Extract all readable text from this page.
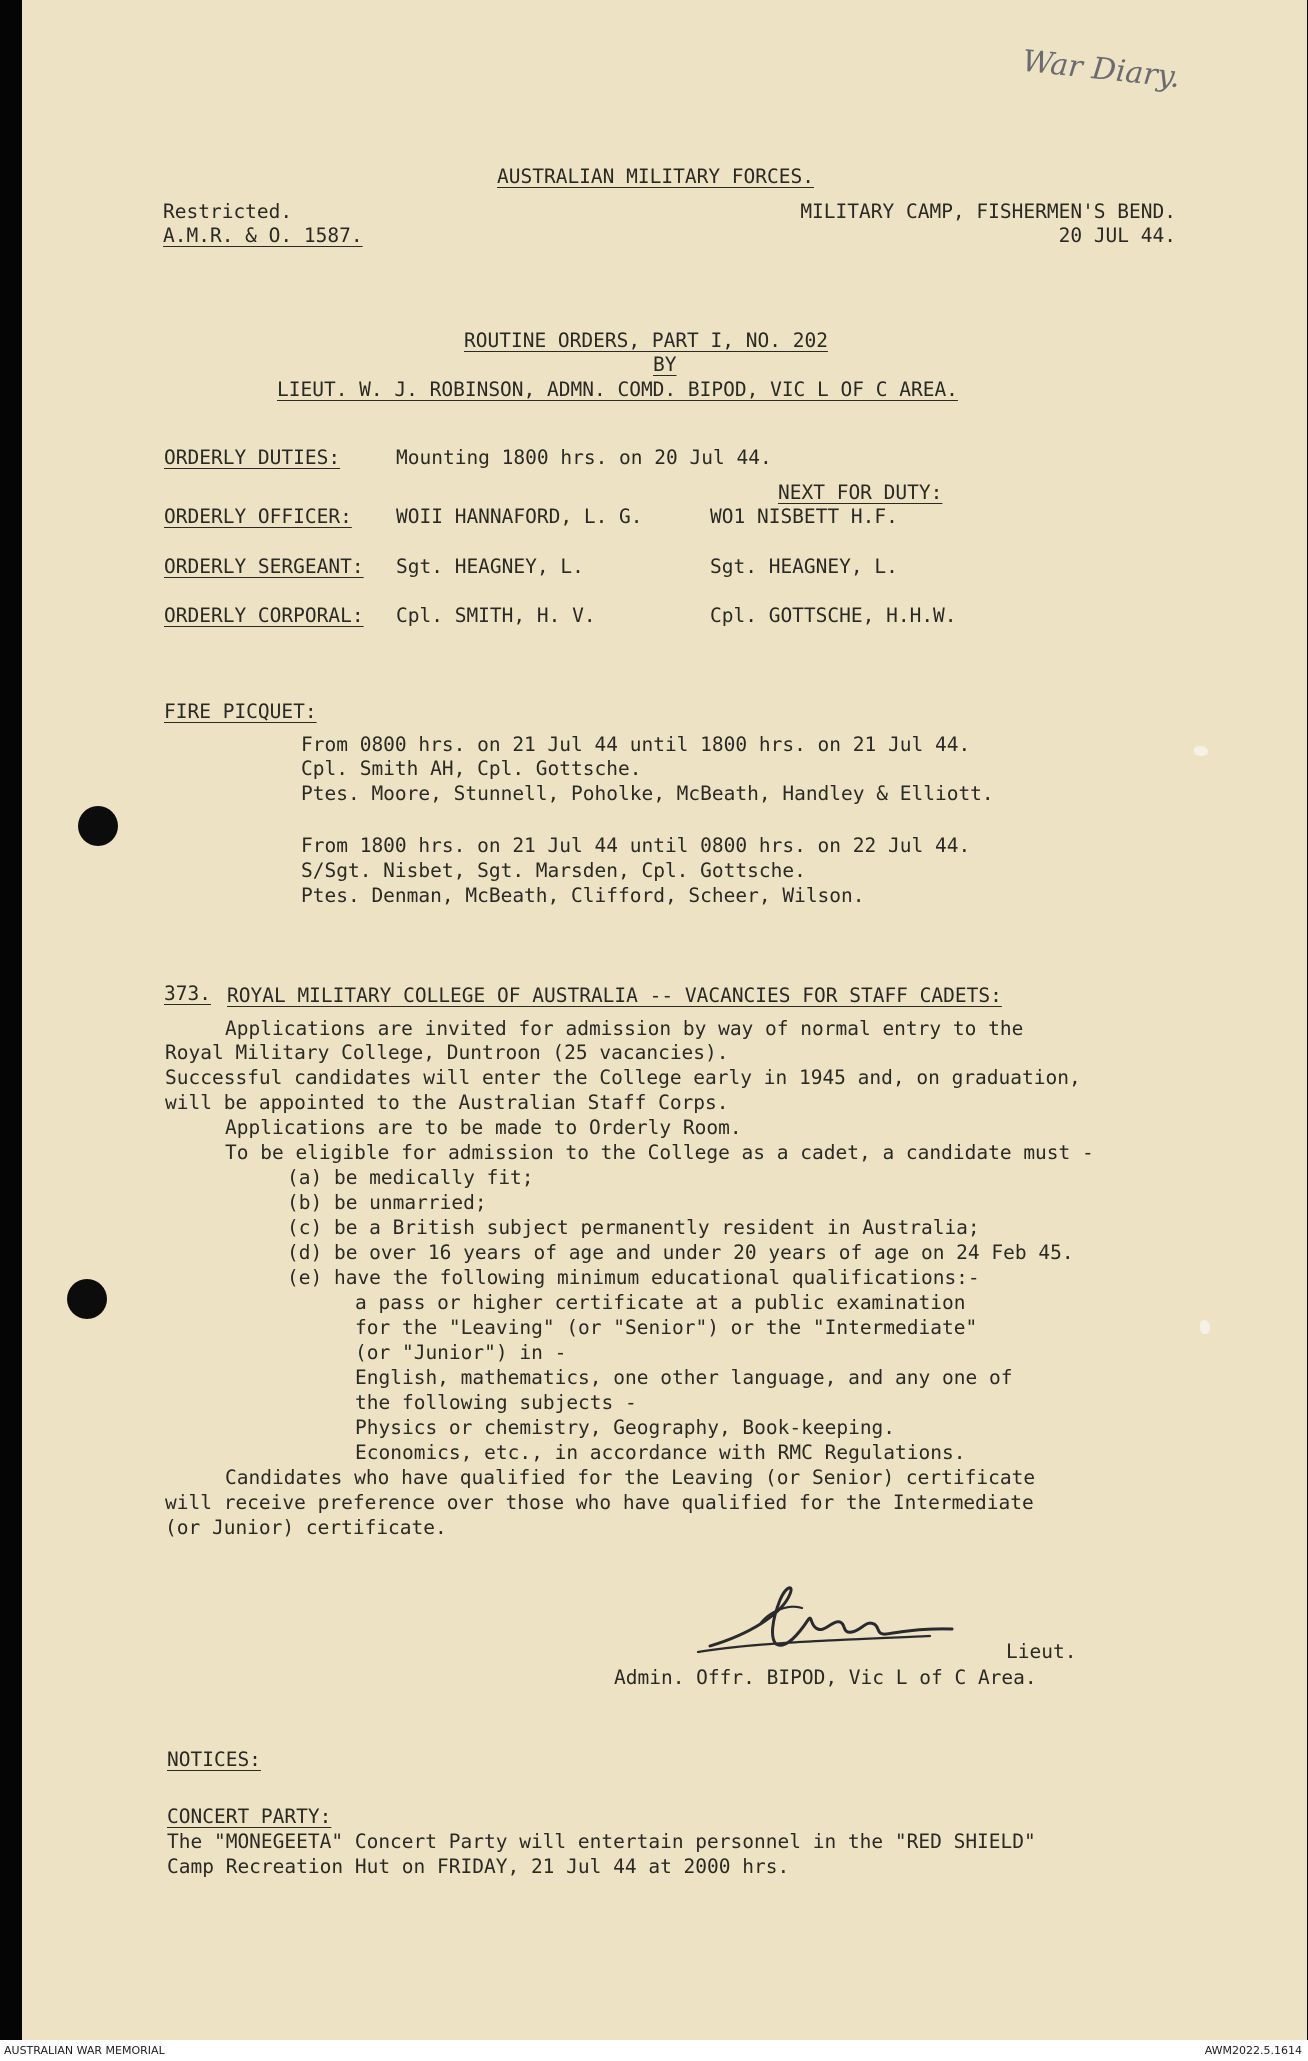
War Diary.
AUSTRALIAN MILITARY FORCES.
Restricted.
A.M.R. & O. 1587.
MILITARY CAMP, FISHERMEN'S BEND.
20 JUL 44.
ROUTINE ORDERS, PART I, NO. 202
BY
LIEUT. W. J. ROBINSON, ADMN. COMD. BIPOD, VIC L OF C AREA.
ORDERLY DUTIES:	Mounting 1800 hrs. on 20 Jul 44.
NEXT FOR DUTY:
ORDERLY OFFICER: WOII HANNAFORD, L. G.	WO1 NISBETT H.F.
ORDERLY SERGEANT: Sgt. HEAGNEY, L.	Sgt. HEAGNEY, L.
ORDERLY CORPORAL: Cpl. SMITH, H. V.	Cpl. GOTTSCHE, H.H.W.
FIRE PICQUET:
From 0800 hrs. on 21 Jul 44 until 1800 hrs. on 21 Jul 44.
Cpl. Smith AH, Cpl. Gottsche.
Ptes. Moore, Stunnell, Poholke, McBeath, Handley & Elliott.
From 1800 hrs. on 21 Jul 44 until 0800 hrs. on 22 Jul 44.
S/Sgt. Nisbet, Sgt. Marsden, Cpl. Gottsche.
Ptes. Denman, McBeath, Clifford, Scheer, Wilson.
373. ROYAL MILITARY COLLEGE OF AUSTRALIA -- VACANCIES FOR STAFF CADETS:
Applications are invited for admission by way of normal entry to the
Royal Military College, Duntroon (25 vacancies).
Successful candidates will enter the College early in 1945 and, on graduation,
will be appointed to the Australian Staff Corps.
Applications are to be made to Orderly Room.
To be eligible for admission to the College as a cadet, a candidate must -
(a) be medically fit;
(b) be unmarried;
(c) be a British subject permanently resident in Australia;
(d) be over 16 years of age and under 20 years of age on 24 Feb 45.
(e) have the following minimum educational qualifications:-
a pass or higher certificate at a public examination
for the "Leaving" (or "Senior") or the "Intermediate"
(or "Junior") in -
English, mathematics, one other language, and any one of
the following subjects -
Physics or chemistry, Geography, Book-keeping.
Economics, etc., in accordance with RMC Regulations.
Candidates who have qualified for the Leaving (or Senior) certificate
will receive preference over those who have qualified for the Intermediate
(or Junior) certificate.
Lieut.
Admin. Offr. BIPOD, Vic L of C Area.
NOTICES:
CONCERT PARTY:
The "MONEGEETA" Concert Party will entertain personnel in the "RED SHIELD"
Camp Recreation Hut on FRIDAY, 21 Jul 44 at 2000 hrs.
AUSTRALIAN WAR MEMORIAL	AWM2022.5.1614
